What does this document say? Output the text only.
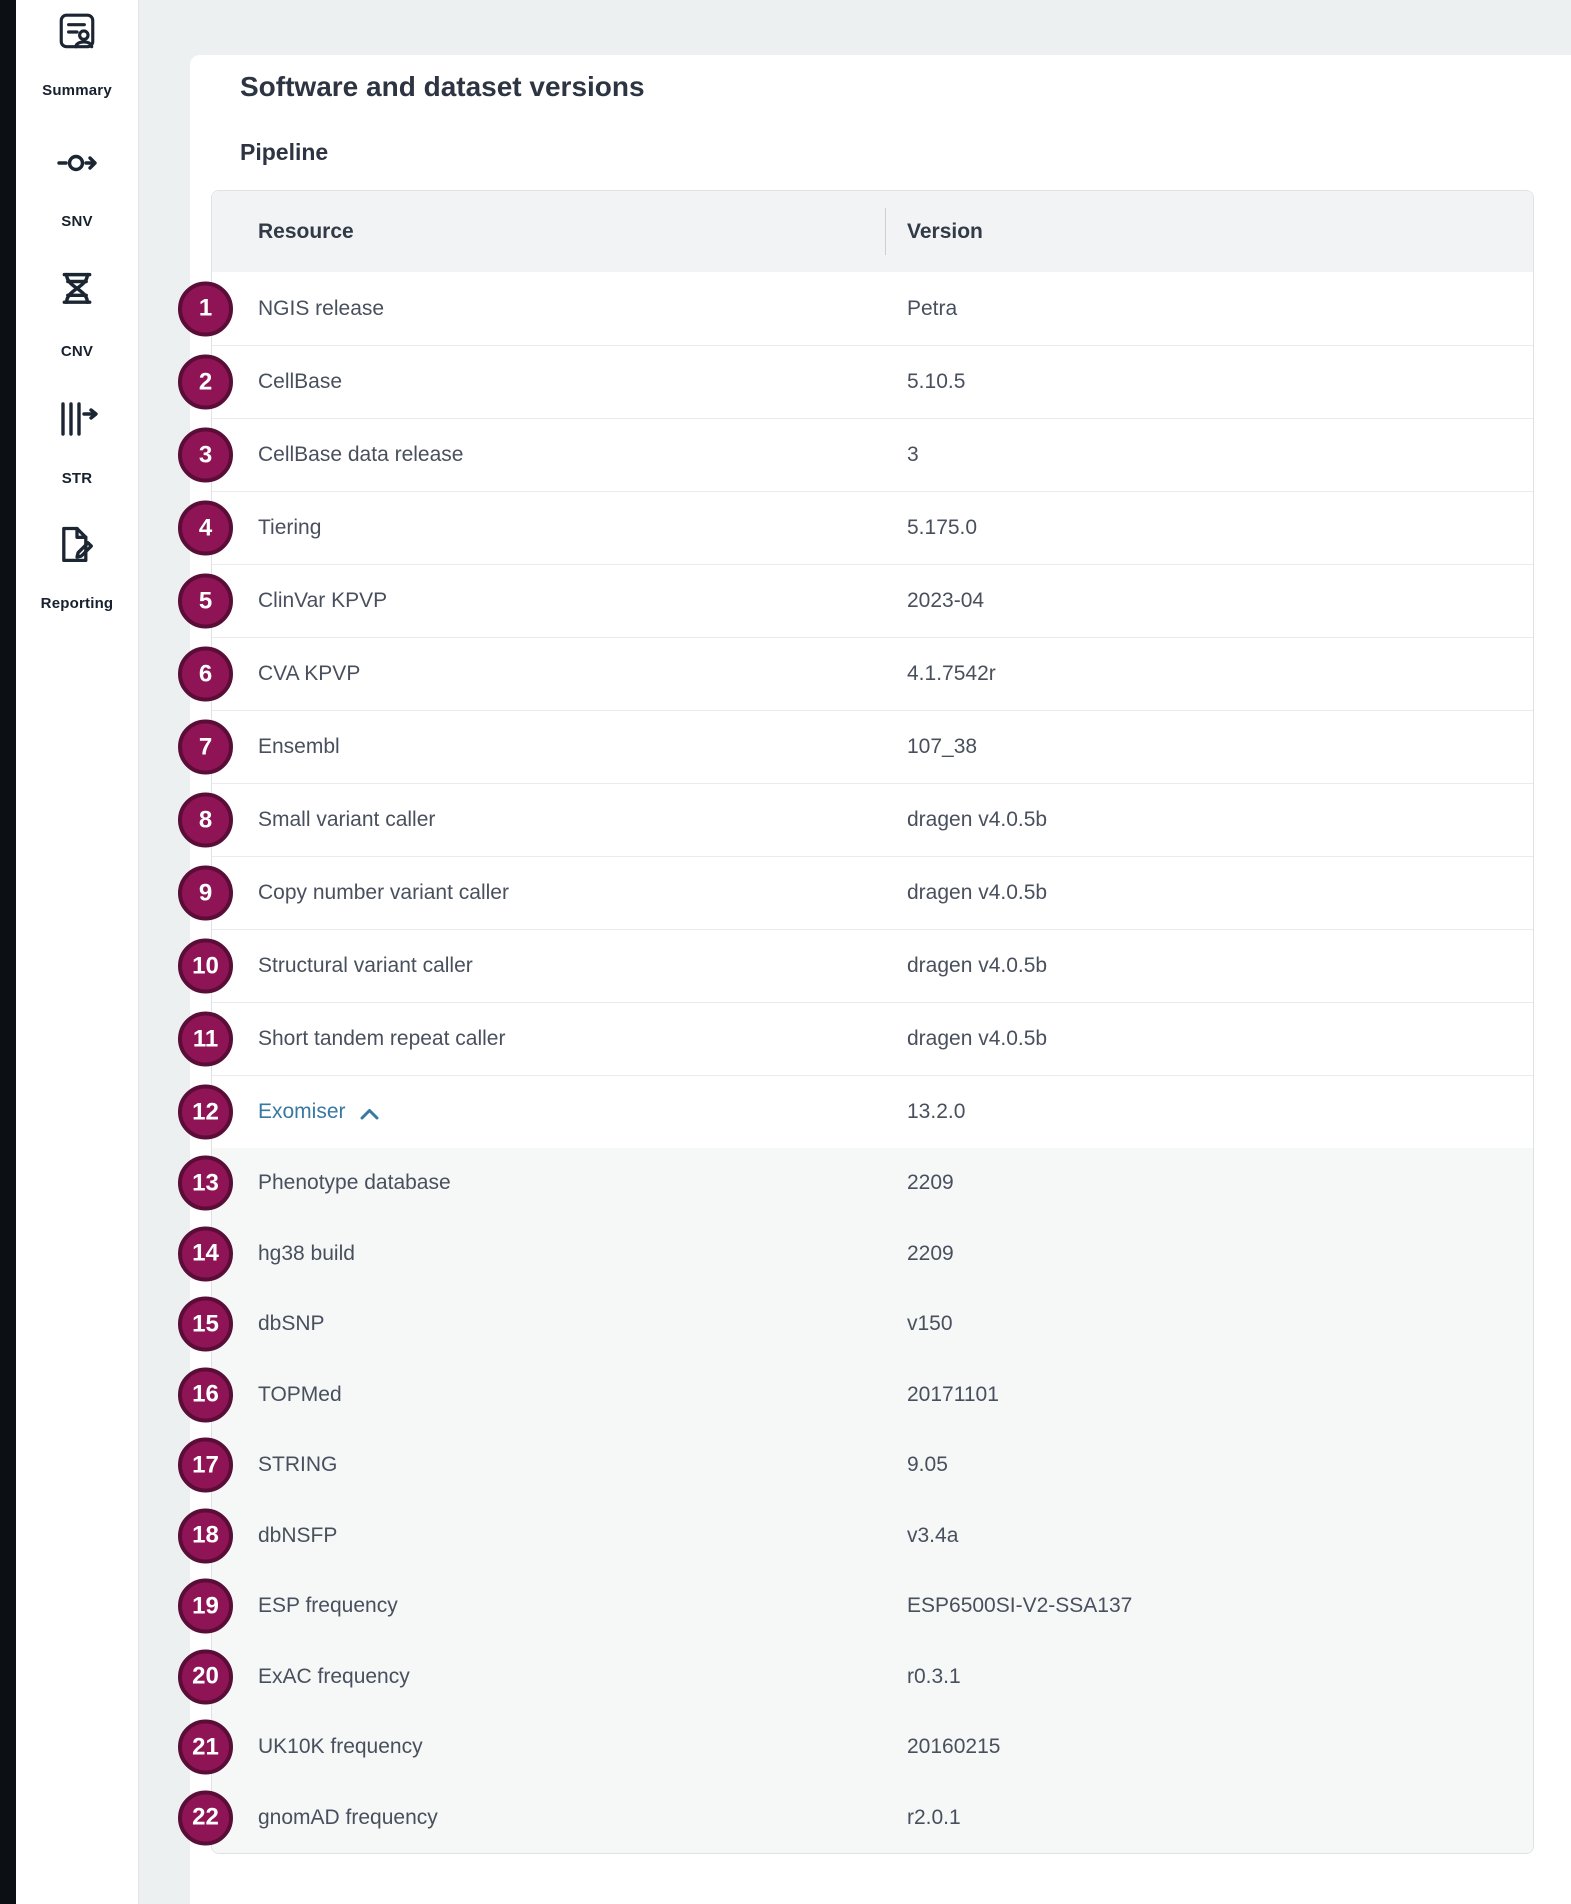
Summary
SNV
CNV
STR
Reporting
Software and dataset versions
Pipeline
Resource	Version
1	NGIS release	Petra
2	CellBase	5.10.5
3	CellBase data release	3
4	Tiering	5.175.0
5	ClinVar KPVP	2023-04
6	CVA KPVP	4.1.7542r
7	Ensembl	107_38
8	Small variant caller	dragen v4.0.5b
9	Copy number variant caller	dragen v4.0.5b
10	Structural variant caller	dragen v4.0.5b
11	Short tandem repeat caller	dragen v4.0.5b
12	Exomiser	13.2.0
13	Phenotype database	2209
14	hg38 build	2209
15	dbSNP	v150
16	TOPMed	20171101
17	STRING	9.05
18	dbNSFP	v3.4a
19	ESP frequency	ESP6500SI-V2-SSA137
20	ExAC frequency	r0.3.1
21	UK10K frequency	20160215
22	gnomAD frequency	r2.0.1
